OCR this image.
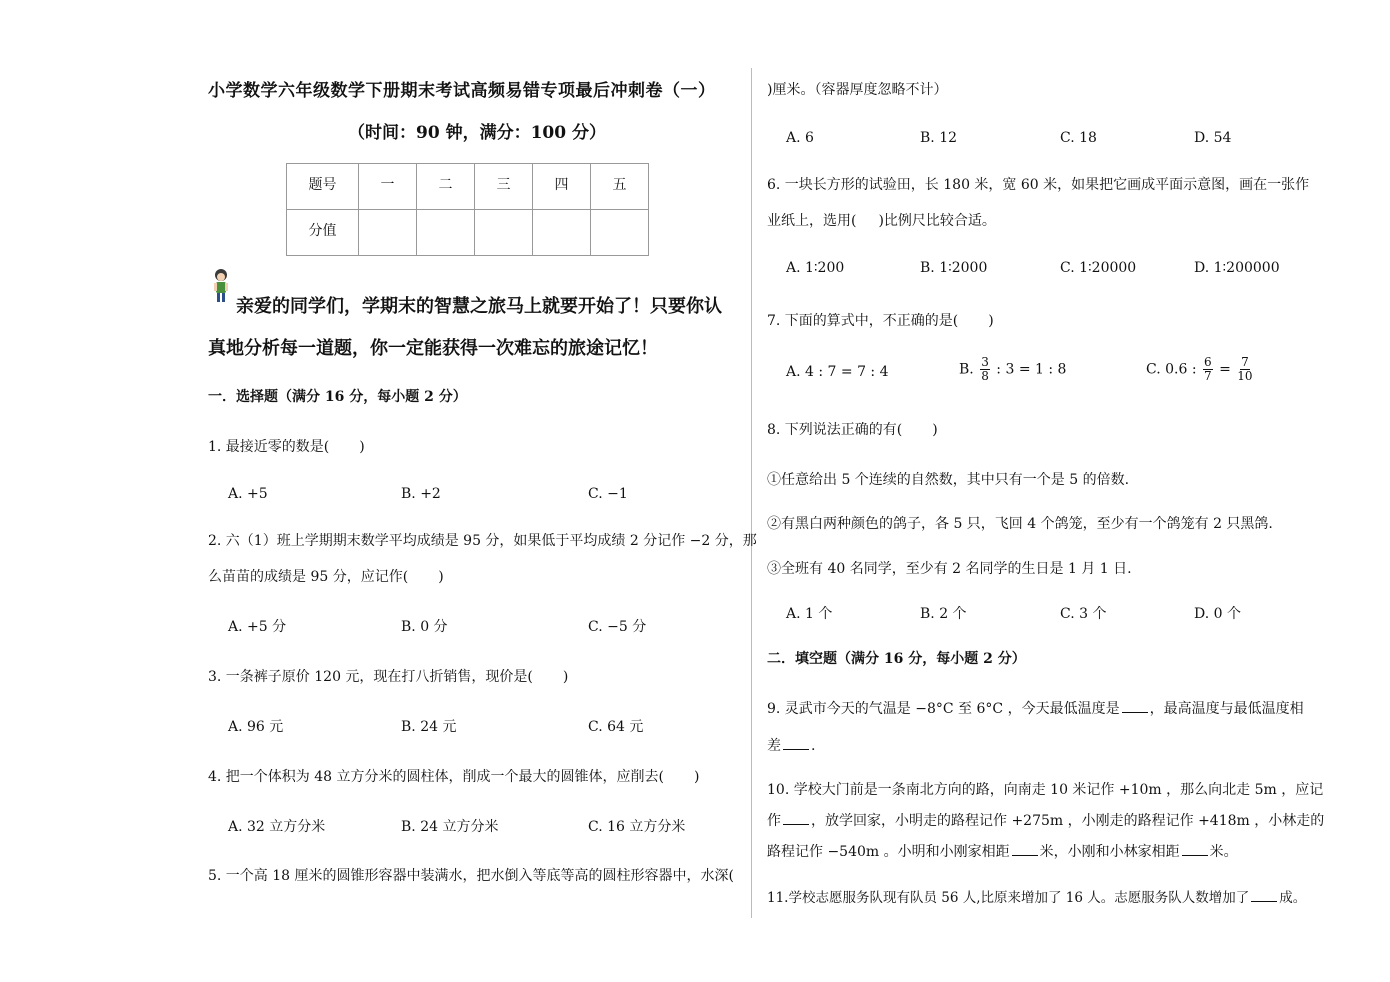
小学数学六年级数学下册期末考试高频易错专项最后冲刺卷（一）
（时间：90 钟，满分：100 分）
题号	一	二	三	四	五
分值					
亲爱的同学们，学期末的智慧之旅马上就要开始了！只要你认
真地分析每一道题，你一定能获得一次难忘的旅途记忆！
一．选择题（满分 16 分，每小题 2 分）
1. 最接近零的数是( )
A. +5	B. +2	C. −1
2. 六（1）班上学期期末数学平均成绩是 95 分，如果低于平均成绩 2 分记作 −2 分，那
么苗苗的成绩是 95 分，应记作( )
A. +5 分	B. 0 分	C. −5 分
3. 一条裤子原价 120 元，现在打八折销售，现价是( )
A. 96 元	B. 24 元	C. 64 元
4. 把一个体积为 48 立方分米的圆柱体，削成一个最大的圆锥体，应削去( )
A. 32 立方分米	B. 24 立方分米	C. 16 立方分米
5. 一个高 18 厘米的圆锥形容器中装满水，把水倒入等底等高的圆柱形容器中，水深(
)厘米。（容器厚度忽略不计）
A. 6	B. 12	C. 18	D. 54
6. 一块长方形的试验田，长 180 米，宽 60 米，如果把它画成平面示意图，画在一张作
业纸上，选用( )比例尺比较合适。
A. 1∶200	B. 1∶2000	C. 1∶20000	D. 1∶200000
7. 下面的算式中，不正确的是( )
A. 4 : 7 = 7 : 4	B. $\frac{3}{8}$ : 3 = 1 : 8	C. 0.6 : $\frac{6}{7} = \frac{7}{10}$
8. 下列说法正确的有( )
①任意给出 5 个连续的自然数，其中只有一个是 5 的倍数.
②有黑白两种颜色的鸽子，各 5 只，飞回 4 个鸽笼，至少有一个鸽笼有 2 只黑鸽.
③全班有 40 名同学，至少有 2 名同学的生日是 1 月 1 日.
A. 1 个	B. 2 个	C. 3 个	D. 0 个
二．填空题（满分 16 分，每小题 2 分）
9. 灵武市今天的气温是 −8°C 至 6°C ，今天最低温度是 ，最高温度与最低温度相
差 .
10. 学校大门前是一条南北方向的路，向南走 10 米记作 +10m ，那么向北走 5m ，应记
作 ，放学回家，小明走的路程记作 +275m ，小刚走的路程记作 +418m ，小林走的
路程记作 −540m 。小明和小刚家相距 米，小刚和小林家相距 米。
11.学校志愿服务队现有队员 56 人,比原来增加了 16 人。志愿服务队人数增加了 成。
